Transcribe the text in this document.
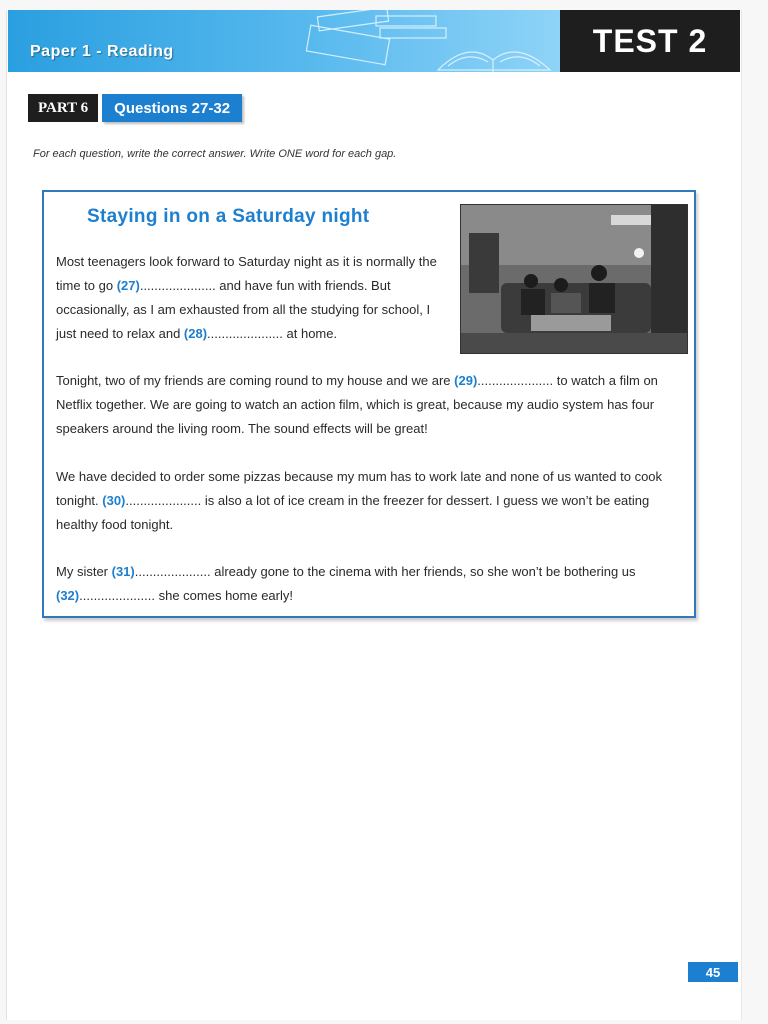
Paper 1 - Reading	TEST 2
PART 6	Questions 27-32
For each question, write the correct answer. Write ONE word for each gap.
Staying in on a Saturday night
Most teenagers look forward to Saturday night as it is normally the time to go (27)..................... and have fun with friends. But occasionally, as I am exhausted from all the studying for school, I just need to relax and (28)..................... at home.
Tonight, two of my friends are coming round to my house and we are (29)..................... to watch a film on Netflix together. We are going to watch an action film, which is great, because my audio system has four speakers around the living room. The sound effects will be great!
We have decided to order some pizzas because my mum has to work late and none of us wanted to cook tonight. (30)..................... is also a lot of ice cream in the freezer for dessert. I guess we won’t be eating healthy food tonight.
My sister (31)..................... already gone to the cinema with her friends, so she won’t be bothering us (32)..................... she comes home early!
45
